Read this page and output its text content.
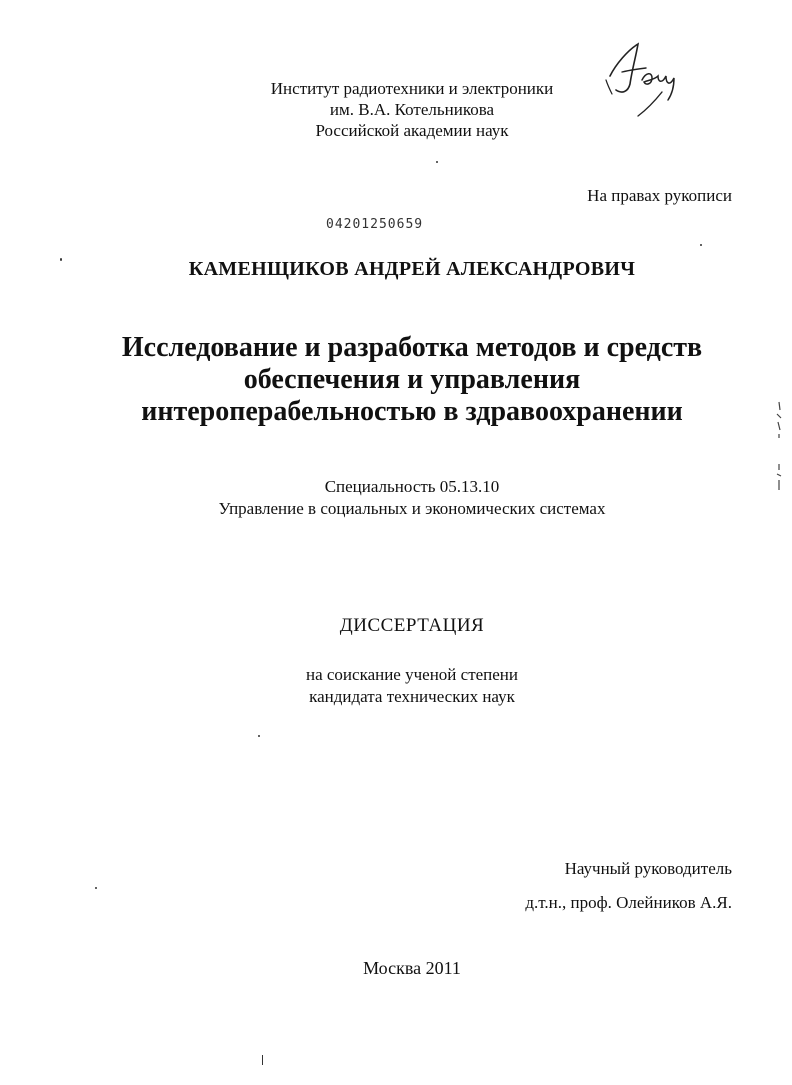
Институт радиотехники и электроники
им. В.А. Котельникова
Российской академии наук
На правах рукописи
04201250659
КАМЕНЩИКОВ АНДРЕЙ АЛЕКСАНДРОВИЧ
Исследование и разработка методов и средств
обеспечения и управления
интероперабельностью в здравоохранении
Специальность 05.13.10
Управление в социальных и экономических системах
ДИССЕРТАЦИЯ
на соискание ученой степени
кандидата технических наук
Научный руководитель
д.т.н., проф. Олейников А.Я.
Москва 2011
